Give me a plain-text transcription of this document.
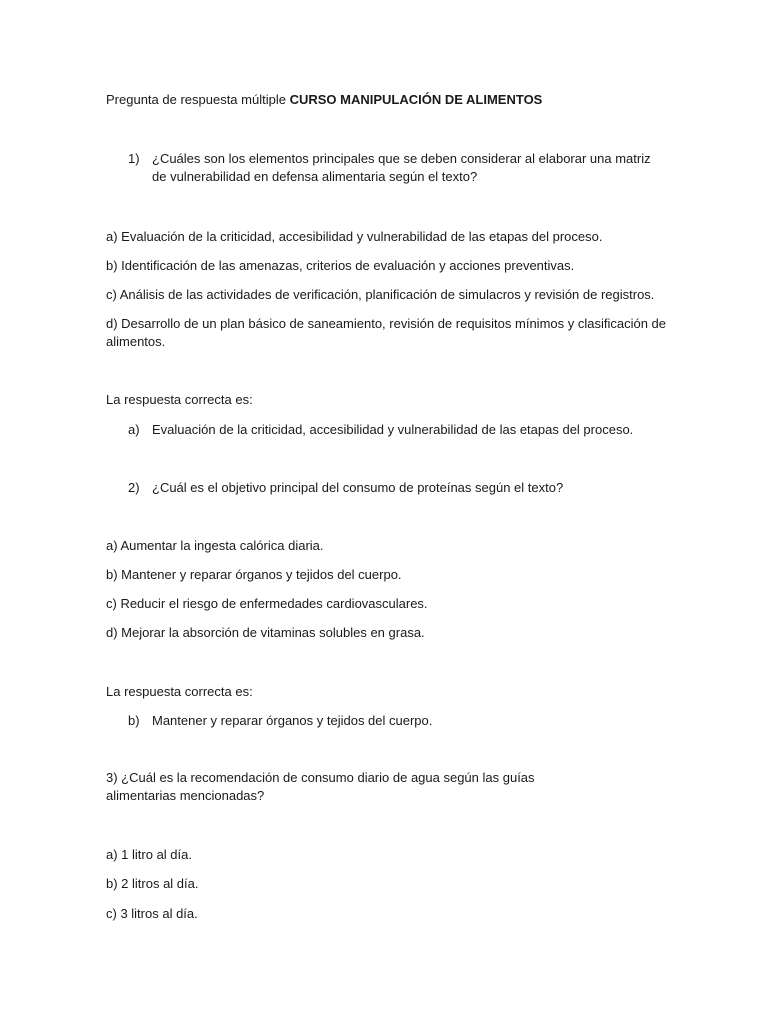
Pregunta de respuesta múltiple CURSO MANIPULACIÓN DE ALIMENTOS
1) ¿Cuáles son los elementos principales que se deben considerar al elaborar una matriz de vulnerabilidad en defensa alimentaria según el texto?
a) Evaluación de la criticidad, accesibilidad y vulnerabilidad de las etapas del proceso.
b) Identificación de las amenazas, criterios de evaluación y acciones preventivas.
c) Análisis de las actividades de verificación, planificación de simulacros y revisión de registros.
d) Desarrollo de un plan básico de saneamiento, revisión de requisitos mínimos y clasificación de alimentos.
La respuesta correcta es:
a) Evaluación de la criticidad, accesibilidad y vulnerabilidad de las etapas del proceso.
2) ¿Cuál es el objetivo principal del consumo de proteínas según el texto?
a) Aumentar la ingesta calórica diaria.
b) Mantener y reparar órganos y tejidos del cuerpo.
c) Reducir el riesgo de enfermedades cardiovasculares.
d) Mejorar la absorción de vitaminas solubles en grasa.
La respuesta correcta es:
b) Mantener y reparar órganos y tejidos del cuerpo.
3) ¿Cuál es la recomendación de consumo diario de agua según las guías alimentarias mencionadas?
a) 1 litro al día.
b) 2 litros al día.
c) 3 litros al día.
